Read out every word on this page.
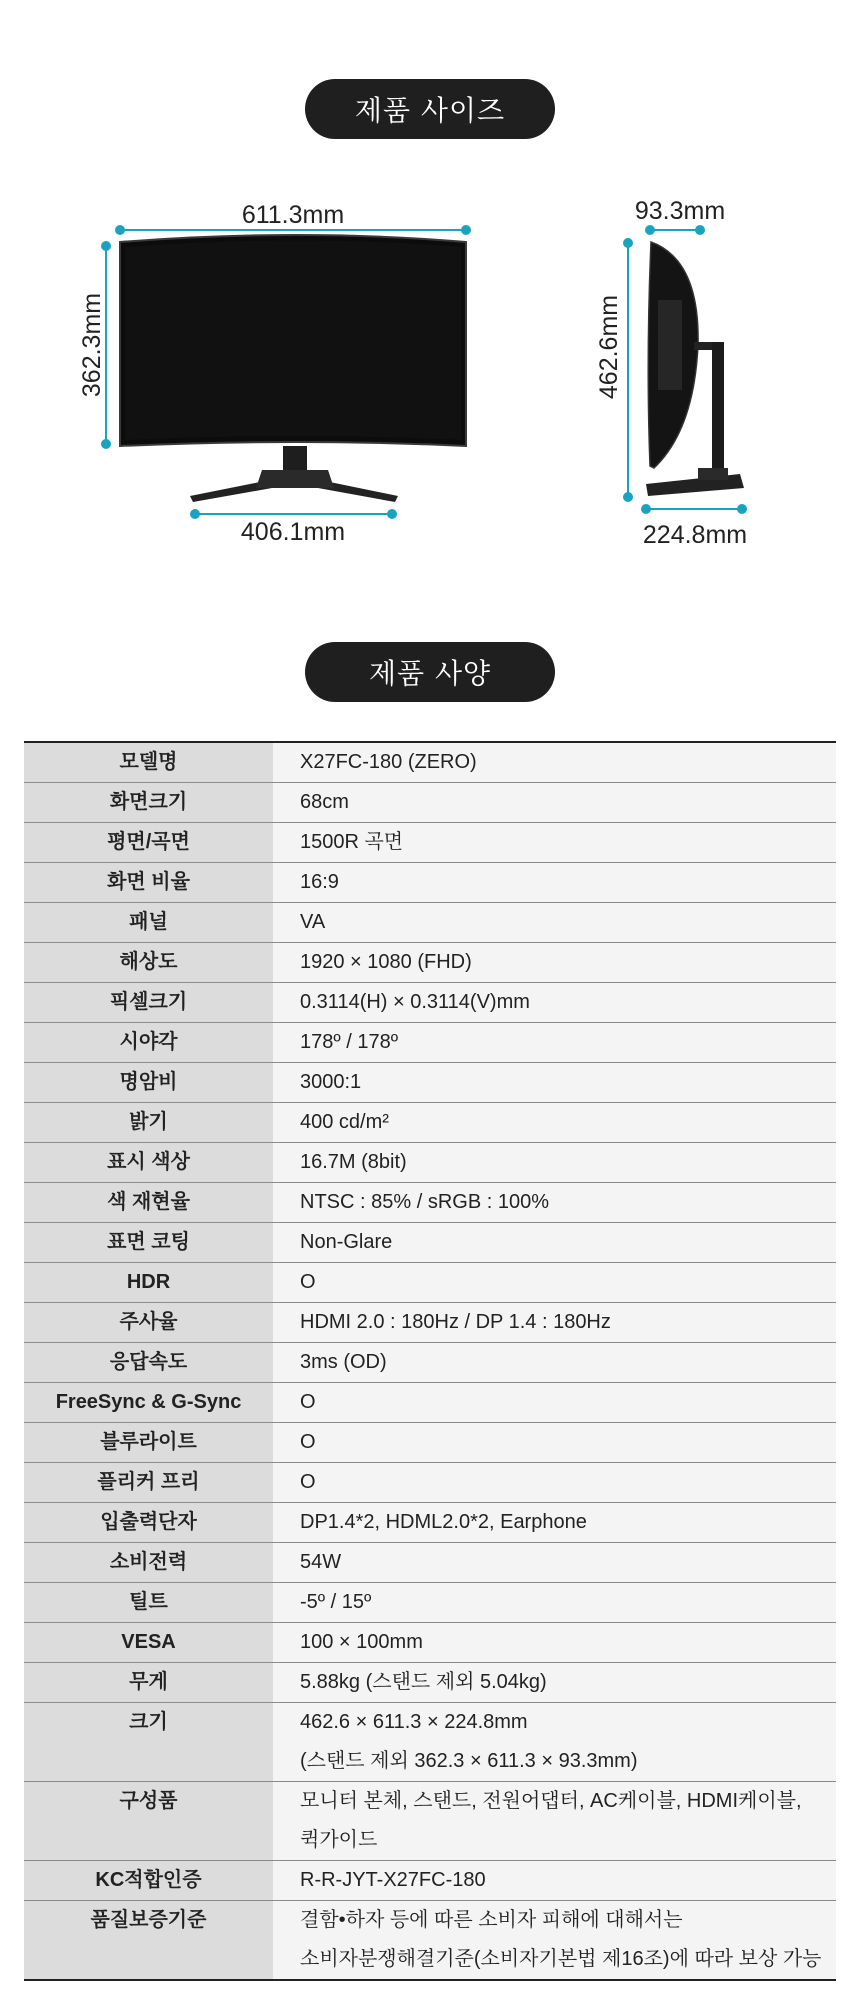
제품 사이즈
611.3mm
362.3mm
406.1mm
93.3mm
462.6mm
224.8mm
제품 사양
모델명	X27FC-180 (ZERO)

화면크기	68cm

평면/곡면	1500R 곡면

화면 비율	16:9

패널	VA

해상도	1920 × 1080 (FHD)

픽셀크기	0.3114(H) × 0.3114(V)mm

시야각	178º / 178º

명암비	3000:1

밝기	400 cd/m²

표시 색상	16.7M (8bit)

색 재현율	NTSC : 85% / sRGB : 100%

표면 코팅	Non-Glare

HDR	O

주사율	HDMI 2.0 : 180Hz / DP 1.4 : 180Hz

응답속도	3ms (OD)

FreeSync & G-Sync	O

블루라이트	O

플리커 프리	O

입출력단자	DP1.4*2, HDML2.0*2, Earphone

소비전력	54W

틸트	-5º / 15º

VESA	100 × 100mm

무게	5.88kg (스탠드 제외 5.04kg)

크기	462.6 × 611.3 × 224.8mm
(스탠드 제외 362.3 × 611.3 × 93.3mm)

구성품	모니터 본체, 스탠드, 전원어댑터, AC케이블, HDMI케이블,
퀵가이드

KC적합인증	R-R-JYT-X27FC-180

품질보증기준	결함•하자 등에 따른 소비자 피해에 대해서는
소비자분쟁해결기준(소비자기본법 제16조)에 따라 보상 가능
